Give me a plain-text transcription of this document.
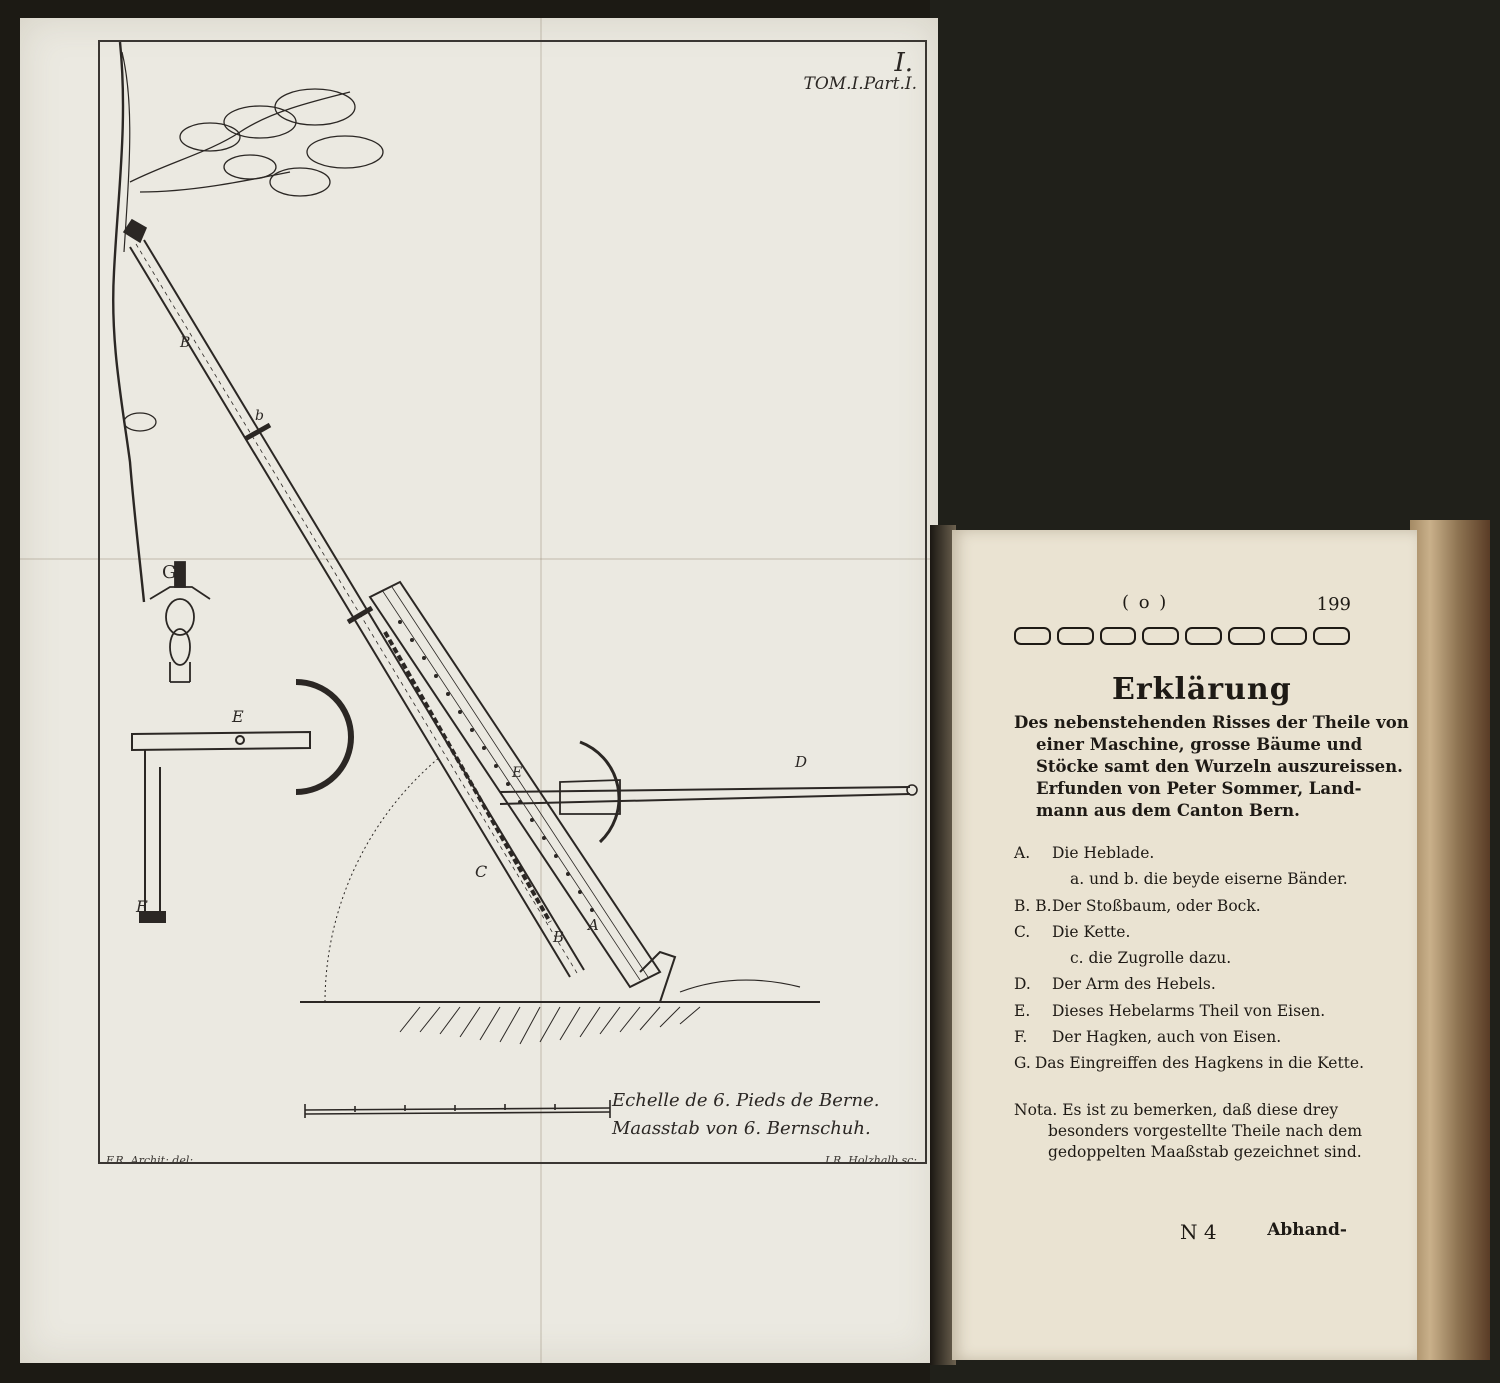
I.
TOM.I.Part.I.
B
b
G
E
F
C
E
D
B
A
Echelle de 6. Pieds de Berne.
Maasstab von 6. Bernschuh.
F.R. Archit: del:	I.R. Holzhalb sc:
( o )	199
Erklärung
Des nebenstehenden Risses der Theile von
einer Maschine, grosse Bäume und
Stöcke samt den Wurzeln auszureissen.
Erfunden von Peter Sommer, Land-
mann aus dem Canton Bern.
A.	Die Heblade.
a. und b. die beyde eiserne Bänder.
B. B. Der Stoßbaum, oder Bock.
C.	Die Kette.
c. die Zugrolle dazu.
D.	Der Arm des Hebels.
E.	Dieses Hebelarms Theil von Eisen.
F.	Der Hagken, auch von Eisen.
G. Das Eingreiffen des Hagkens in die Kette.
Nota. Es ist zu bemerken, daß diese drey
besonders vorgestellte Theile nach dem
gedoppelten Maaßstab gezeichnet sind.
N 4	Abhand-
